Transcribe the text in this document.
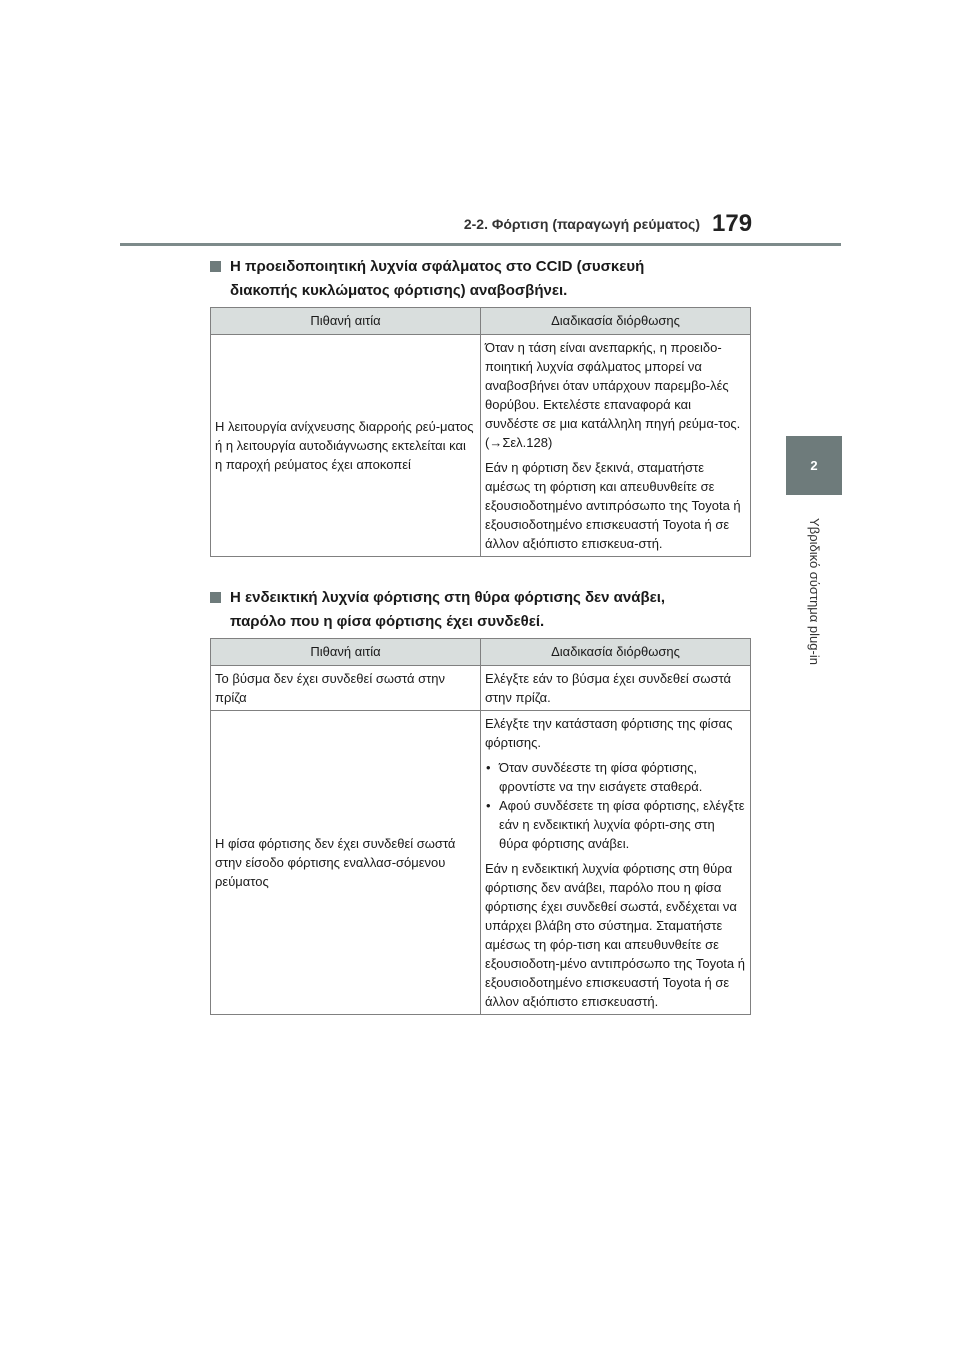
2-2. Φόρτιση (παραγωγή ρεύματος) 179
2
Υβριδικό σύστημα plug-in
Η προειδοποιητική λυχνία σφάλματος στο CCID (συσκευή
διακοπής κυκλώματος φόρτισης) αναβοσβήνει.
Πιθανή αιτία	Διαδικασία διόρθωσης
Η λειτουργία ανίχνευσης διαρροής ρεύ-ματος ή η λειτουργία αυτοδιάγνωσης εκτελείται και η παροχή ρεύματος έχει αποκοπεί	Όταν η τάση είναι ανεπαρκής, η προειδο-ποιητική λυχνία σφάλματος μπορεί να αναβοσβήνει όταν υπάρχουν παρεμβο-λές θορύβου. Εκτελέστε επαναφορά και συνδέστε σε μια κατάλληλη πηγή ρεύμα-τος. (→Σελ.128)
Εάν η φόρτιση δεν ξεκινά, σταματήστε αμέσως τη φόρτιση και απευθυνθείτε σε εξουσιοδοτημένο αντιπρόσωπο της Toyota ή εξουσιοδοτημένο επισκευαστή Toyota ή σε άλλον αξιόπιστο επισκευα-στή.
Η ενδεικτική λυχνία φόρτισης στη θύρα φόρτισης δεν ανάβει,
παρόλο που η φίσα φόρτισης έχει συνδεθεί.
Πιθανή αιτία	Διαδικασία διόρθωσης
Το βύσμα δεν έχει συνδεθεί σωστά στην πρίζα	Ελέγξτε εάν το βύσμα έχει συνδεθεί σωστά στην πρίζα.
Η φίσα φόρτισης δεν έχει συνδεθεί σωστά στην είσοδο φόρτισης εναλλασ-σόμενου ρεύματος	Ελέγξτε την κατάσταση φόρτισης της φίσας φόρτισης.
• Όταν συνδέεστε τη φίσα φόρτισης, φροντίστε να την εισάγετε σταθερά.
• Αφού συνδέσετε τη φίσα φόρτισης, ελέγξτε εάν η ενδεικτική λυχνία φόρτι-σης στη θύρα φόρτισης ανάβει.
Εάν η ενδεικτική λυχνία φόρτισης στη θύρα φόρτισης δεν ανάβει, παρόλο που η φίσα φόρτισης έχει συνδεθεί σωστά, ενδέχεται να υπάρχει βλάβη στο σύστημα. Σταματήστε αμέσως τη φόρ-τιση και απευθυνθείτε σε εξουσιοδοτη-μένο αντιπρόσωπο της Toyota ή εξουσιοδοτημένο επισκευαστή Toyota ή σε άλλον αξιόπιστο επισκευαστή.
